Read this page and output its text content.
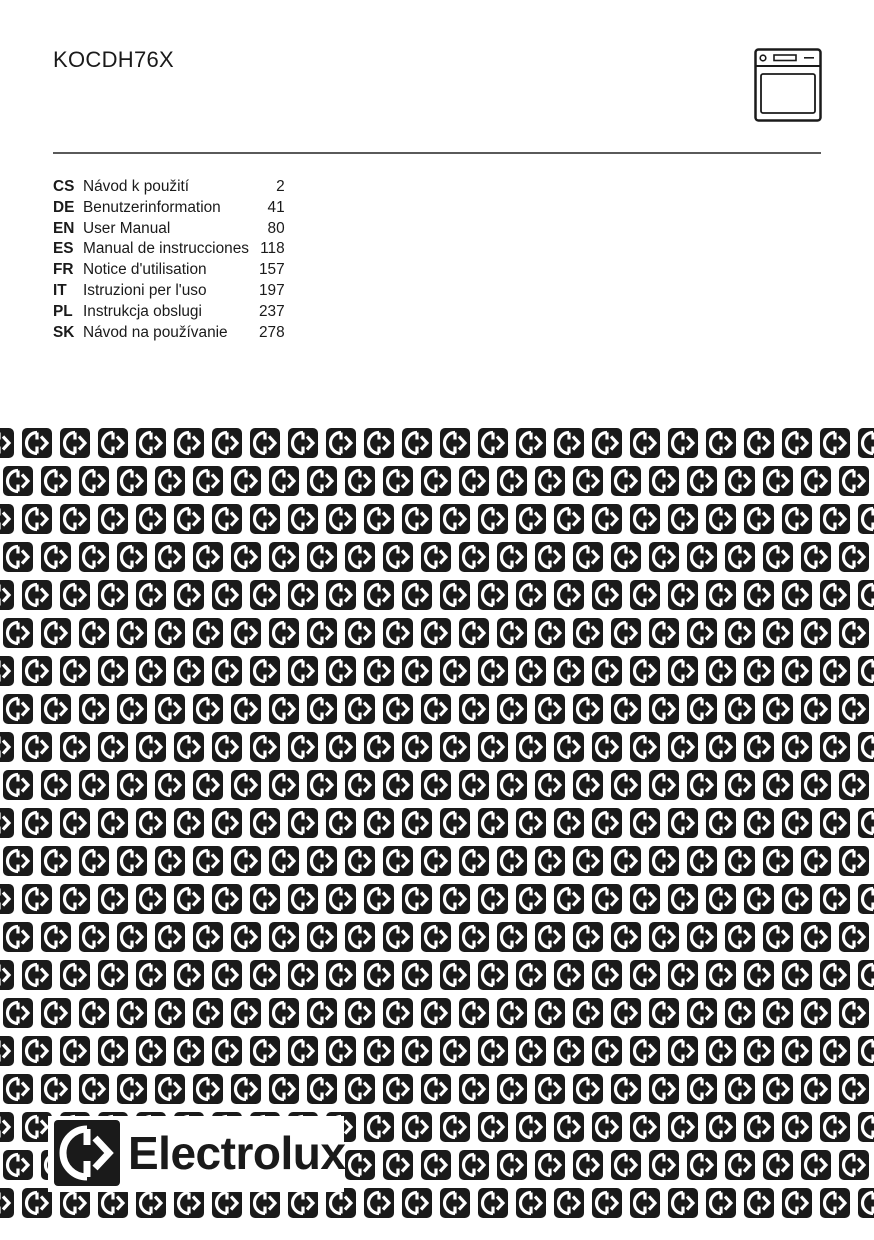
KOCDH76X
CS	Návod k použití	2
DE	Benutzerinformation	41
EN	User Manual	80
ES	Manual de instrucciones	118
FR	Notice d'utilisation	157
IT	Istruzioni per l'uso	197
PL	Instrukcja obslugi	237
SK	Návod na používanie	278
Electrolux
